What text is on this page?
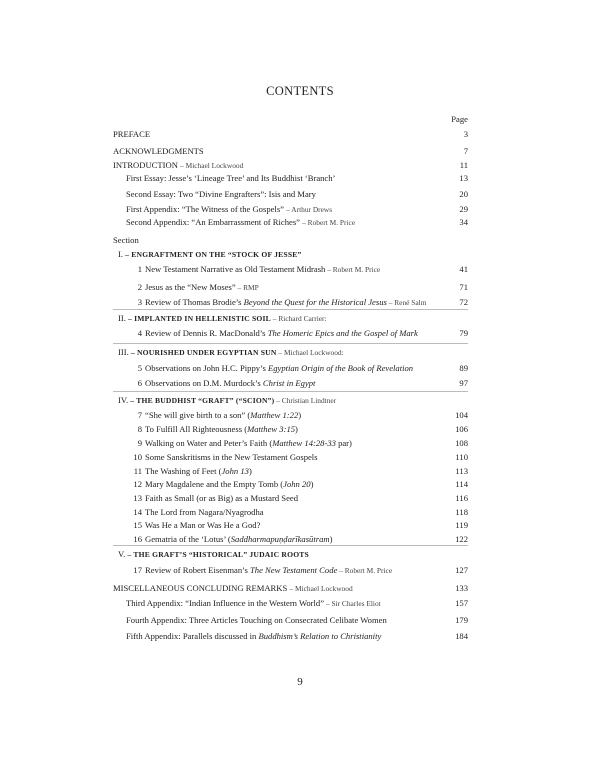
CONTENTS
Page
PREFACE	3
ACKNOWLEDGMENTS	7
INTRODUCTION – Michael Lockwood	11
First Essay: Jesse’s ‘Lineage Tree’ and Its Buddhist ‘Branch’	13
Second Essay: Two “Divine Engrafters”: Isis and Mary	20
First Appendix: “The Witness of the Gospels” – Arthur Drews	29
Second Appendix: “An Embarrassment of Riches” – Robert M. Price	34
Section
I. – ENGRAFTMENT ON THE “STOCK OF JESSE”
1 New Testament Narrative as Old Testament Midrash – Robert M. Price	41
2 Jesus as the “New Moses” – RMP	71
3 Review of Thomas Brodie’s Beyond the Quest for the Historical Jesus – René Salm	72
II. – IMPLANTED IN HELLENISTIC SOIL – Richard Carrier:
4 Review of Dennis R. MacDonald’s The Homeric Epics and the Gospel of Mark	79
III. – NOURISHED UNDER EGYPTIAN SUN – Michael Lockwood:
5 Observations on John H.C. Pippy’s Egyptian Origin of the Book of Revelation	89
6 Observations on D.M. Murdock’s Christ in Egypt	97
IV. – THE BUDDHIST “GRAFT” (“SCION”) – Christian Lindtner
7 “She will give birth to a son” (Matthew 1:22)	104
8 To Fulfill All Righteousness (Matthew 3:15)	106
9 Walking on Water and Peter’s Faith (Matthew 14:28-33 par)	108
10 Some Sanskritisms in the New Testament Gospels	110
11 The Washing of Feet (John 13)	113
12 Mary Magdalene and the Empty Tomb (John 20)	114
13 Faith as Small (or as Big) as a Mustard Seed	116
14 The Lord from Nagara/Nyagrodha	118
15 Was He a Man or Was He a God?	119
16 Gematria of the ‘Lotus’ (Saddharmapuṇḍarīkasūtram)	122
V. – THE GRAFT’S “HISTORICAL” JUDAIC ROOTS
17 Review of Robert Eisenman’s The New Testament Code – Robert M. Price	127
MISCELLANEOUS CONCLUDING REMARKS – Michael Lockwood	133
Third Appendix: “Indian Influence in the Western World” – Sir Charles Eliot	157
Fourth Appendix: Three Articles Touching on Consecrated Celibate Women	179
Fifth Appendix: Parallels discussed in Buddhism’s Relation to Christianity	184
9
